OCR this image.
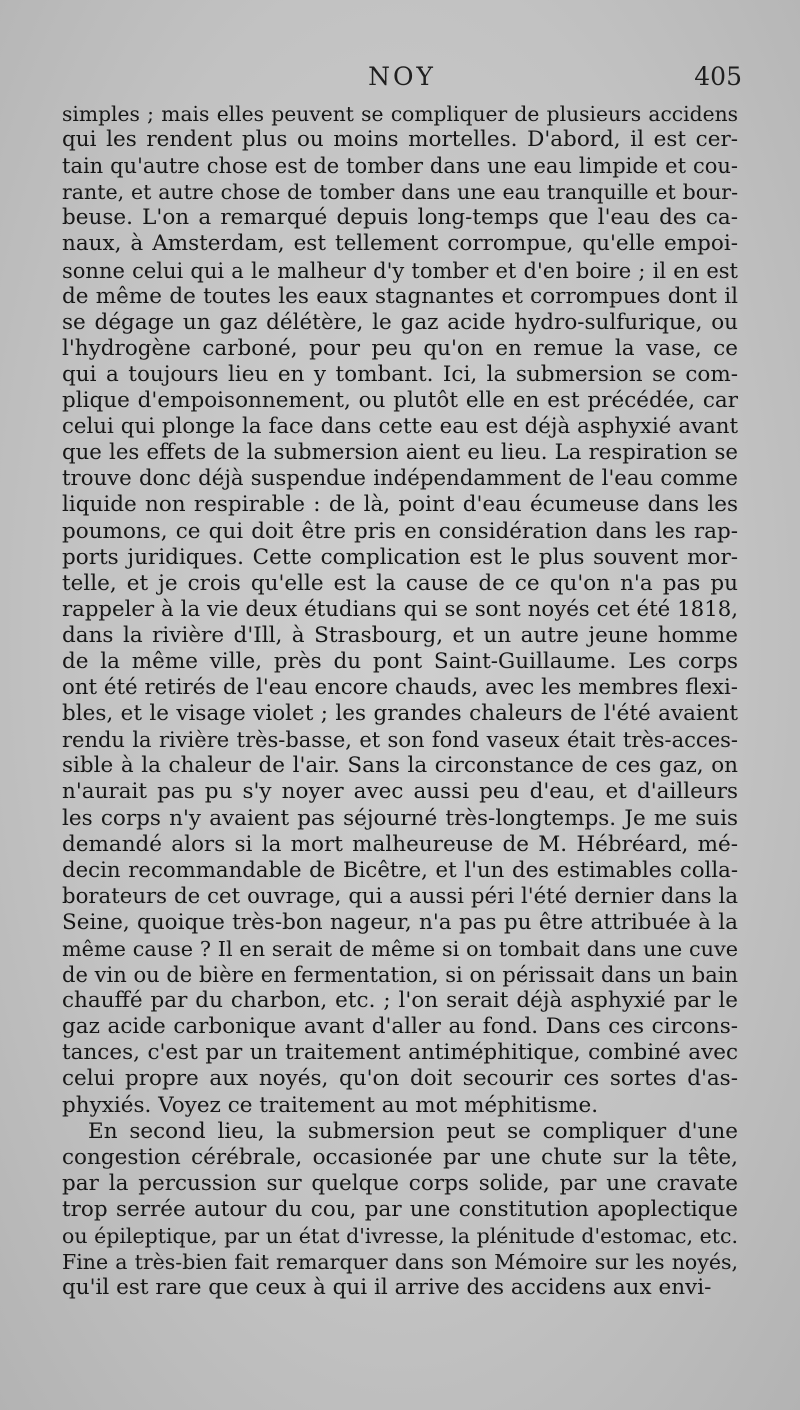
NOY	405
simples ; mais elles peuvent se compliquer de plusieurs accidens
qui les rendent plus ou moins mortelles. D'abord, il est cer-
tain qu'autre chose est de tomber dans une eau limpide et cou-
rante, et autre chose de tomber dans une eau tranquille et bour-
beuse. L'on a remarqué depuis long-temps que l'eau des ca-
naux, à Amsterdam, est tellement corrompue, qu'elle empoi-
sonne celui qui a le malheur d'y tomber et d'en boire ; il en est
de même de toutes les eaux stagnantes et corrompues dont il
se dégage un gaz délétère, le gaz acide hydro-sulfurique, ou
l'hydrogène carboné, pour peu qu'on en remue la vase, ce
qui a toujours lieu en y tombant. Ici, la submersion se com-
plique d'empoisonnement, ou plutôt elle en est précédée, car
celui qui plonge la face dans cette eau est déjà asphyxié avant
que les effets de la submersion aient eu lieu. La respiration se
trouve donc déjà suspendue indépendamment de l'eau comme
liquide non respirable : de là, point d'eau écumeuse dans les
poumons, ce qui doit être pris en considération dans les rap-
ports juridiques. Cette complication est le plus souvent mor-
telle, et je crois qu'elle est la cause de ce qu'on n'a pas pu
rappeler à la vie deux étudians qui se sont noyés cet été 1818,
dans la rivière d'Ill, à Strasbourg, et un autre jeune homme
de la même ville, près du pont Saint-Guillaume. Les corps
ont été retirés de l'eau encore chauds, avec les membres flexi-
bles, et le visage violet ; les grandes chaleurs de l'été avaient
rendu la rivière très-basse, et son fond vaseux était très-acces-
sible à la chaleur de l'air. Sans la circonstance de ces gaz, on
n'aurait pas pu s'y noyer avec aussi peu d'eau, et d'ailleurs
les corps n'y avaient pas séjourné très-longtemps. Je me suis
demandé alors si la mort malheureuse de M. Hébréard, mé-
decin recommandable de Bicêtre, et l'un des estimables colla-
borateurs de cet ouvrage, qui a aussi péri l'été dernier dans la
Seine, quoique très-bon nageur, n'a pas pu être attribuée à la
même cause ? Il en serait de même si on tombait dans une cuve
de vin ou de bière en fermentation, si on périssait dans un bain
chauffé par du charbon, etc. ; l'on serait déjà asphyxié par le
gaz acide carbonique avant d'aller au fond. Dans ces circons-
tances, c'est par un traitement antiméphitique, combiné avec
celui propre aux noyés, qu'on doit secourir ces sortes d'as-
phyxiés. Voyez ce traitement au mot méphitisme.
En second lieu, la submersion peut se compliquer d'une
congestion cérébrale, occasionée par une chute sur la tête,
par la percussion sur quelque corps solide, par une cravate
trop serrée autour du cou, par une constitution apoplectique
ou épileptique, par un état d'ivresse, la plénitude d'estomac, etc.
Fine a très-bien fait remarquer dans son Mémoire sur les noyés,
qu'il est rare que ceux à qui il arrive des accidens aux envi-
